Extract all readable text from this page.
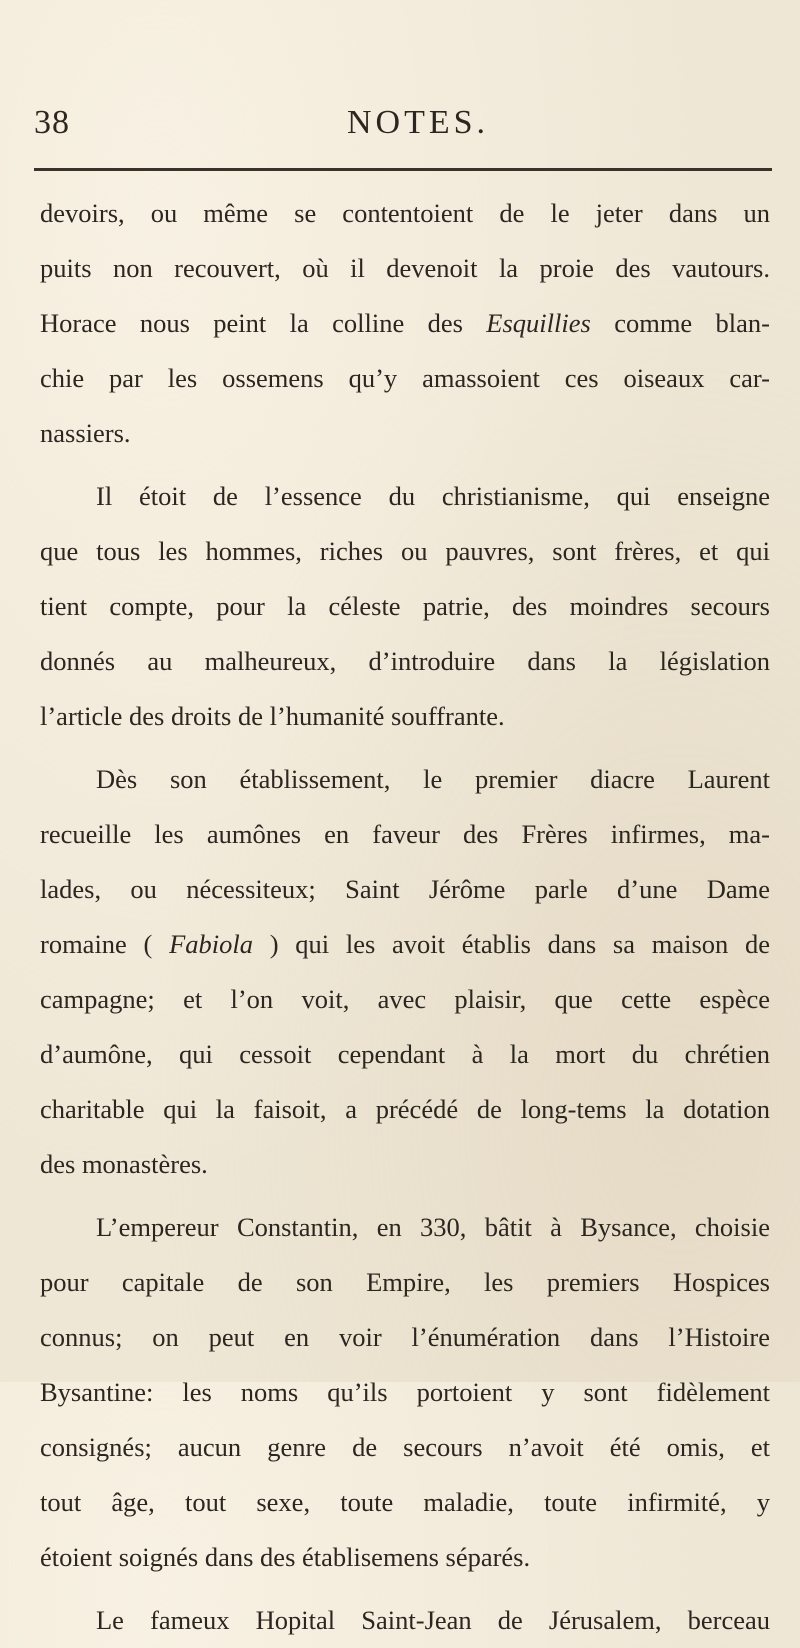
38	NOTES.
devoirs, ou même se contentoient de le jeter dans un
puits non recouvert, où il devenoit la proie des vautours.
Horace nous peint la colline des Esquillies comme blan-
chie par les ossemens qu’y amassoient ces oiseaux car-
nassiers.
Il étoit de l’essence du christianisme, qui enseigne
que tous les hommes, riches ou pauvres, sont frères, et qui
tient compte, pour la céleste patrie, des moindres secours
donnés au malheureux, d’introduire dans la législation
l’article des droits de l’humanité souffrante.
Dès son établissement, le premier diacre Laurent
recueille les aumônes en faveur des Frères infirmes, ma-
lades, ou nécessiteux; Saint Jérôme parle d’une Dame
romaine ( Fabiola ) qui les avoit établis dans sa maison de
campagne; et l’on voit, avec plaisir, que cette espèce
d’aumône, qui cessoit cependant à la mort du chrétien
charitable qui la faisoit, a précédé de long-tems la dotation
des monastères.
L’empereur Constantin, en 330, bâtit à Bysance, choisie
pour capitale de son Empire, les premiers Hospices
connus; on peut en voir l’énumération dans l’Histoire
Bysantine: les noms qu’ils portoient y sont fidèlement
consignés; aucun genre de secours n’avoit été omis, et
tout âge, tout sexe, toute maladie, toute infirmité, y
étoient soignés dans des établisemens séparés.
Le fameux Hopital Saint-Jean de Jérusalem, berceau
